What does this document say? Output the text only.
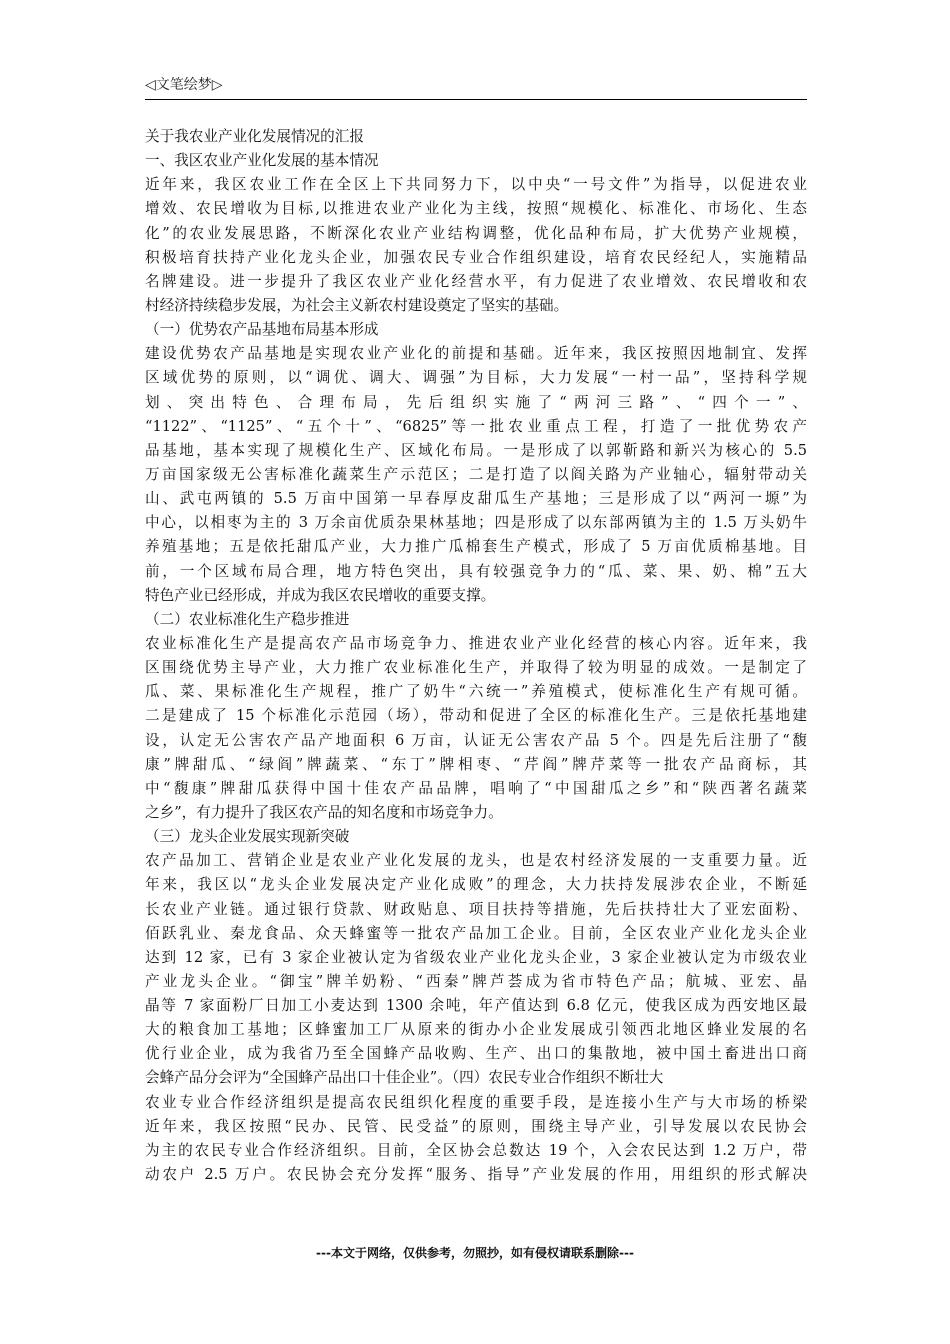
◁文笔绘梦▷
关于我农业产业化发展情况的汇报
一、我区农业产业化发展的基本情况
近年来，我区农业工作在全区上下共同努力下，以中央“一号文件”为指导，以促进农业
增效、农民增收为目标,以推进农业产业化为主线，按照“规模化、标准化、市场化、生态
化”的农业发展思路，不断深化农业产业结构调整，优化品种布局，扩大优势产业规模，
积极培育扶持产业化龙头企业，加强农民专业合作组织建设，培育农民经纪人，实施精品
名牌建设。进一步提升了我区农业产业化经营水平，有力促进了农业增效、农民增收和农
村经济持续稳步发展，为社会主义新农村建设奠定了坚实的基础。
（一）优势农产品基地布局基本形成
建设优势农产品基地是实现农业产业化的前提和基础。近年来，我区按照因地制宜、发挥
区域优势的原则，以“调优、调大、调强”为目标，大力发展“一村一品”，坚持科学规
划、突出特色、合理布局，先后组织实施了“两河三路”、“四个一”、
“1122”、“1125”、“五个十”、“6825”等一批农业重点工程，打造了一批优势农产
品基地，基本实现了规模化生产、区域化布局。一是形成了以郭靳路和新兴为核心的 5.5
万亩国家级无公害标准化蔬菜生产示范区；二是打造了以阎关路为产业轴心，辐射带动关
山、武屯两镇的 5.5 万亩中国第一早春厚皮甜瓜生产基地；三是形成了以“两河一塬”为
中心，以相枣为主的 3 万余亩优质杂果林基地；四是形成了以东部两镇为主的 1.5 万头奶牛
养殖基地；五是依托甜瓜产业，大力推广瓜棉套生产模式，形成了 5 万亩优质棉基地。目
前，一个区域布局合理，地方特色突出，具有较强竞争力的“瓜、菜、果、奶、棉”五大
特色产业已经形成，并成为我区农民增收的重要支撑。
（二）农业标准化生产稳步推进
农业标准化生产是提高农产品市场竞争力、推进农业产业化经营的核心内容。近年来，我
区围绕优势主导产业，大力推广农业标准化生产，并取得了较为明显的成效。一是制定了
瓜、菜、果标准化生产规程，推广了奶牛“六统一”养殖模式，使标准化生产有规可循。
二是建成了 15 个标准化示范园（场），带动和促进了全区的标准化生产。三是依托基地建
设，认定无公害农产品产地面积 6 万亩，认证无公害农产品 5 个。四是先后注册了“馥
康”牌甜瓜、“绿阎”牌蔬菜、“东丁”牌相枣、“芹阎”牌芹菜等一批农产品商标，其
中“馥康”牌甜瓜获得中国十佳农产品品牌，唱响了“中国甜瓜之乡”和“陕西著名蔬菜
之乡”，有力提升了我区农产品的知名度和市场竞争力。
（三）龙头企业发展实现新突破
农产品加工、营销企业是农业产业化发展的龙头，也是农村经济发展的一支重要力量。近
年来，我区以“龙头企业发展决定产业化成败”的理念，大力扶持发展涉农企业，不断延
长农业产业链。通过银行贷款、财政贴息、项目扶持等措施，先后扶持壮大了亚宏面粉、
佰跃乳业、秦龙食品、众天蜂蜜等一批农产品加工企业。目前，全区农业产业化龙头企业
达到 12 家，已有 3 家企业被认定为省级农业产业化龙头企业，3 家企业被认定为市级农业
产业龙头企业。“御宝”牌羊奶粉、“西秦”牌芦荟成为省市特色产品；航城、亚宏、晶
晶等 7 家面粉厂日加工小麦达到 1300 余吨，年产值达到 6.8 亿元，使我区成为西安地区最
大的粮食加工基地；区蜂蜜加工厂从原来的街办小企业发展成引领西北地区蜂业发展的名
优行业企业，成为我省乃至全国蜂产品收购、生产、出口的集散地，被中国土畜进出口商
会蜂产品分会评为“全国蜂产品出口十佳企业”。（四）农民专业合作组织不断壮大
农业专业合作经济组织是提高农民组织化程度的重要手段，是连接小生产与大市场的桥梁
近年来，我区按照“民办、民管、民受益”的原则，围绕主导产业，引导发展以农民协会
为主的农民专业合作经济组织。目前，全区协会总数达 19 个，入会农民达到 1.2 万户，带
动农户 2.5 万户。农民协会充分发挥“服务、指导”产业发展的作用，用组织的形式解决
---本文于网络，仅供参考，勿照抄，如有侵权请联系删除---
